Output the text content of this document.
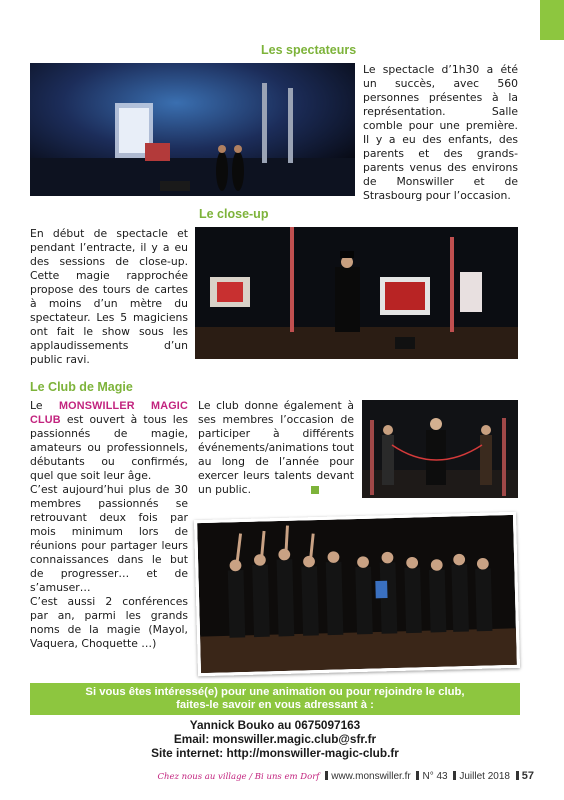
Les spectateurs
Le spectacle d’1h30 a été un succès, avec 560 personnes présentes à la représentation. Salle comble pour une première. Il y a eu des enfants, des parents et des grands-parents venus des environs de Monswiller et de Strasbourg pour l’occasion.
Le close-up
En début de spectacle et pendant l’entracte, il y a eu des sessions de close-up. Cette magie rapprochée propose des tours de cartes à moins d’un mètre du spectateur. Les 5 magiciens ont fait le show sous les applaudissements d’un public ravi.
Le Club de Magie

Le MONSWILLER MAGIC CLUB est ouvert à tous les passionnés de magie, amateurs ou professionnels, débutants ou confirmés, quel que soit leur âge.

C’est aujourd’hui plus de 30 membres passionnés se retrouvant deux fois par mois minimum lors de réunions pour partager leurs connaissances dans le but de progresser… et de s’amuser…

C’est aussi 2 conférences par an, parmi les grands noms de la magie (Mayol, Vaquera, Choquette …)

Le club donne également à ses membres l’occasion de participer à différents événements/animations tout au long de l’année pour exercer leurs talents devant un public.

Si vous êtes intéressé(e) pour une animation ou pour rejoindre le club,
faites-le savoir en vous adressant à :
Yannick Bouko au 0675097163
Email: monswiller.magic.club@sfr.fr
Site internet: http://monswiller-magic-club.fr
Chez nous au village / Bi uns em Dorf www.monswiller.fr N° 43 Juillet 2018 57
